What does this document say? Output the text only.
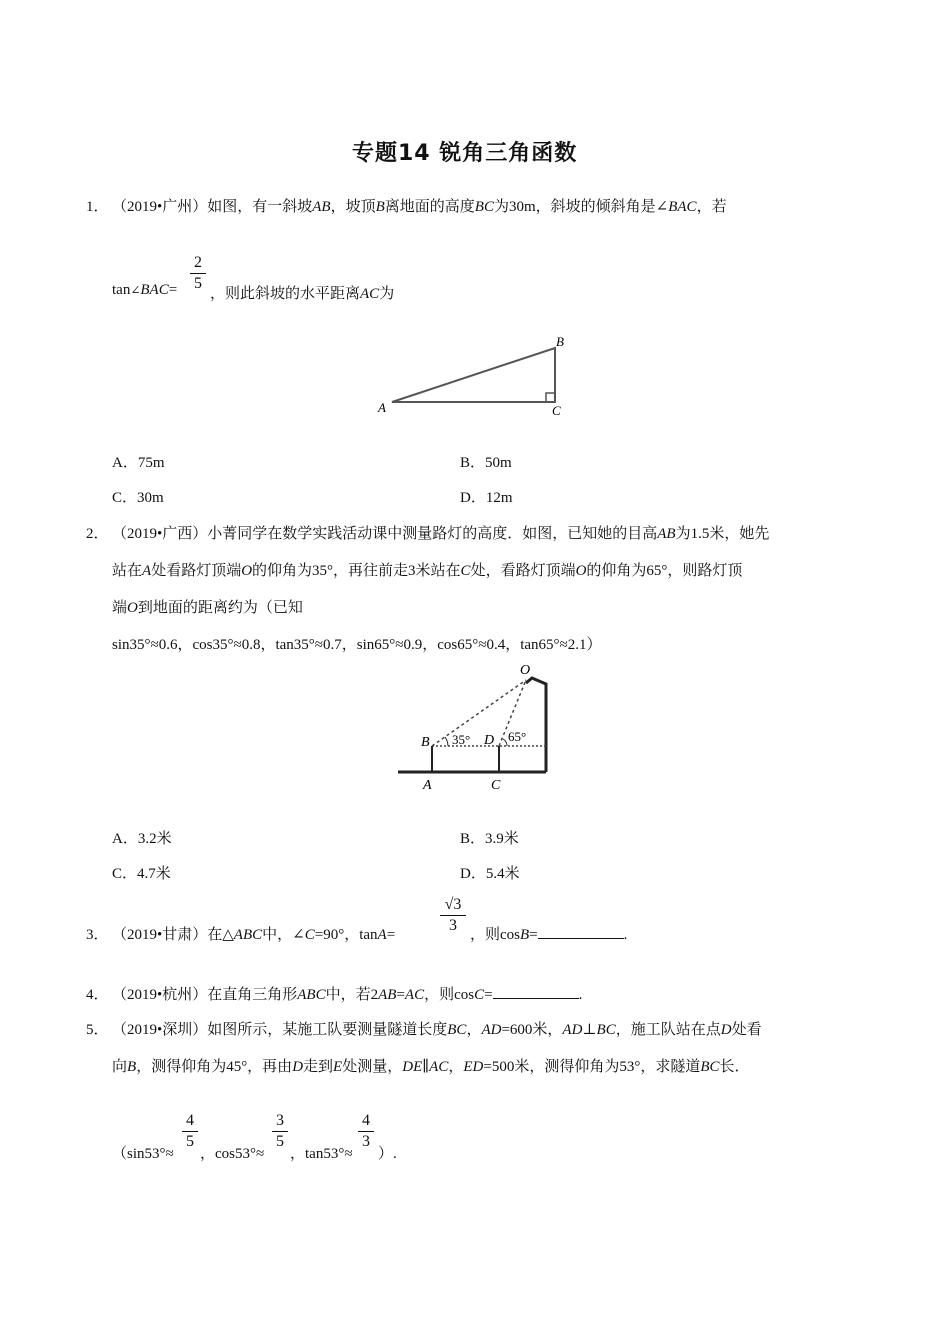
专题14 锐角三角函数
1． （2019•广州）如图，有一斜坡AB，坡顶B离地面的高度BC为30m，斜坡的倾斜角是∠BAC，若
tan∠BAC=
2
5
，则此斜坡的水平距离AC为
A
B
C
A．75m	B．50m
C．30m	D．12m
2． （2019•广西）小菁同学在数学实践活动课中测量路灯的高度．如图，已知她的目高AB为1.5米，她先
站在A处看路灯顶端O的仰角为35°，再往前走3米站在C处，看路灯顶端O的仰角为65°，则路灯顶
端O到地面的距离约为（已知
sin35°≈0.6，cos35°≈0.8，tan35°≈0.7，sin65°≈0.9，cos65°≈0.4，tan65°≈2.1）
O
B	D
A	C
35°	65°
A．3.2米	B．3.9米
C．4.7米	D．5.4米
3． （2019•甘肃）在△ABC中，∠C=90°，tanA=
√3
3
，则cosB=	.
4． （2019•杭州）在直角三角形ABC中，若2AB=AC，则cosC=	.
5． （2019•深圳）如图所示，某施工队要测量隧道长度BC，AD=600米，AD⊥BC，施工队站在点D处看
向B，测得仰角为45°，再由D走到E处测量，DE∥AC，ED=500米，测得仰角为53°，求隧道BC长．
（sin53°≈
4
5
，cos53°≈
3
5
，tan53°≈
4
3
）.
